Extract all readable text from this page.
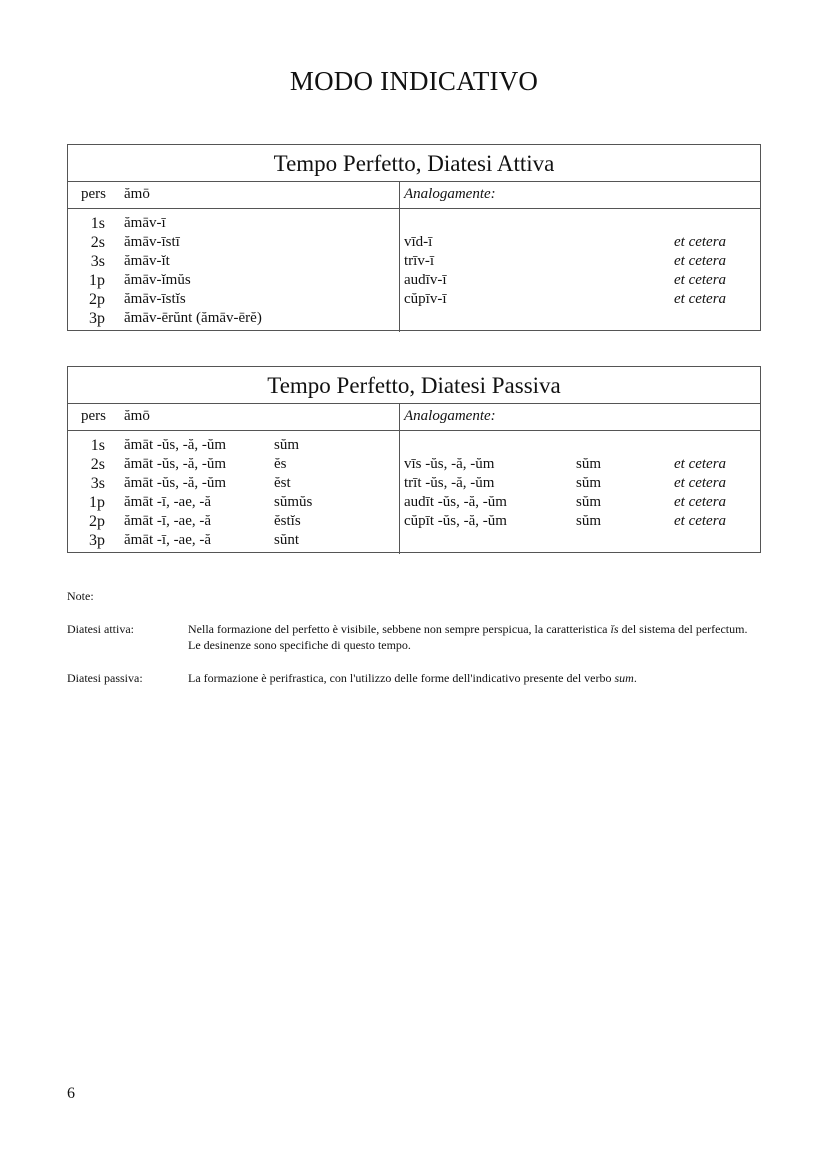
MODO INDICATIVO
Tempo Perfetto, Diatesi Attiva
pers ămō	Analogamente:
1s ămāv-ī
2s ămāv-īstī	vīd-ī	et cetera
3s ămāv-ĭt	trīv-ī	et cetera
1p ămāv-ĭmŭs	audīv-ī	et cetera
2p ămāv-īstĭs	cŭpīv-ī	et cetera
3p ămāv-ērŭnt (ămāv-ērĕ)
Tempo Perfetto, Diatesi Passiva
pers ămō	Analogamente:
1s ămāt -ŭs, -ă, -ŭm	sŭm
2s ămāt -ŭs, -ă, -ŭm	ĕs	vīs -ŭs, -ă, -ŭm	sŭm	et cetera
3s ămāt -ŭs, -ă, -ŭm	ĕst	trīt -ŭs, -ă, -ŭm	sŭm	et cetera
1p ămāt -ī, -ae, -ă	sŭmŭs	audīt -ŭs, -ă, -ŭm	sŭm	et cetera
2p ămāt -ī, -ae, -ă	ĕstĭs	cŭpīt -ŭs, -ă, -ŭm	sŭm	et cetera
3p ămāt -ī, -ae, -ă	sŭnt
Note:
Diatesi attiva:	Nella formazione del perfetto è visibile, sebbene non sempre perspicua, la caratteristica ĭs del sistema del perfectum. Le desinenze sono specifiche di questo tempo.
Diatesi passiva:	La formazione è perifrastica, con l'utilizzo delle forme dell'indicativo presente del verbo sum.
6
